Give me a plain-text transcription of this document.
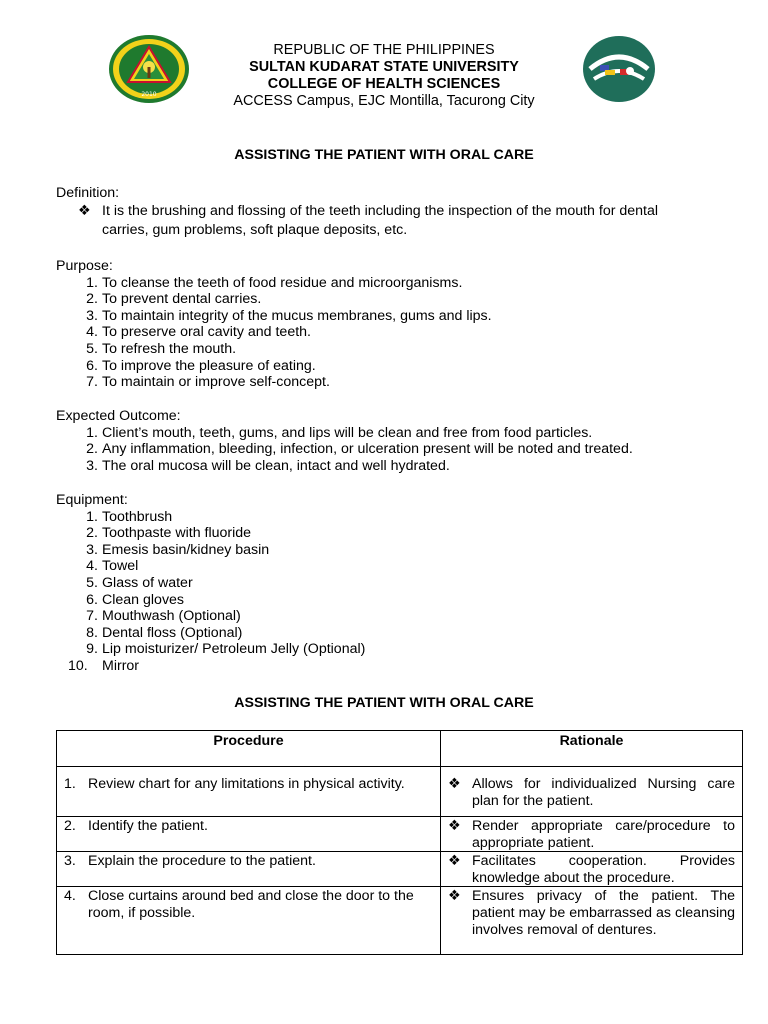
2010
REPUBLIC OF THE PHILIPPINES
SULTAN KUDARAT STATE UNIVERSITY
COLLEGE OF HEALTH SCIENCES
ACCESS Campus, EJC Montilla, Tacurong City
ASSISTING THE PATIENT WITH ORAL CARE
Definition:
❖ It is the brushing and flossing of the teeth including the inspection of the mouth for dental
carries, gum problems, soft plaque deposits, etc.
Purpose:
1. To cleanse the teeth of food residue and microorganisms.
2. To prevent dental carries.
3. To maintain integrity of the mucus membranes, gums and lips.
4. To preserve oral cavity and teeth.
5. To refresh the mouth.
6. To improve the pleasure of eating.
7. To maintain or improve self-concept.
Expected Outcome:
1. Client’s mouth, teeth, gums, and lips will be clean and free from food particles.
2. Any inflammation, bleeding, infection, or ulceration present will be noted and treated.
3. The oral mucosa will be clean, intact and well hydrated.
Equipment:
1. Toothbrush
2. Toothpaste with fluoride
3. Emesis basin/kidney basin
4. Towel
5. Glass of water
6. Clean gloves
7. Mouthwash (Optional)
8. Dental floss (Optional)
9. Lip moisturizer/ Petroleum Jelly (Optional)
10.	Mirror
ASSISTING THE PATIENT WITH ORAL CARE
Procedure	Rationale

1. Review chart for any limitations in physical activity.	❖ Allows for individualized Nursing care plan for the patient.

2. Identify the patient.	❖ Render appropriate care/procedure to appropriate patient.

3. Explain the procedure to the patient.	❖ Facilitates cooperation. Provides knowledge about the procedure.

4. Close curtains around bed and close the door to the room, if possible.	❖ Ensures privacy of the patient. The patient may be embarrassed as cleansing involves removal of dentures.
